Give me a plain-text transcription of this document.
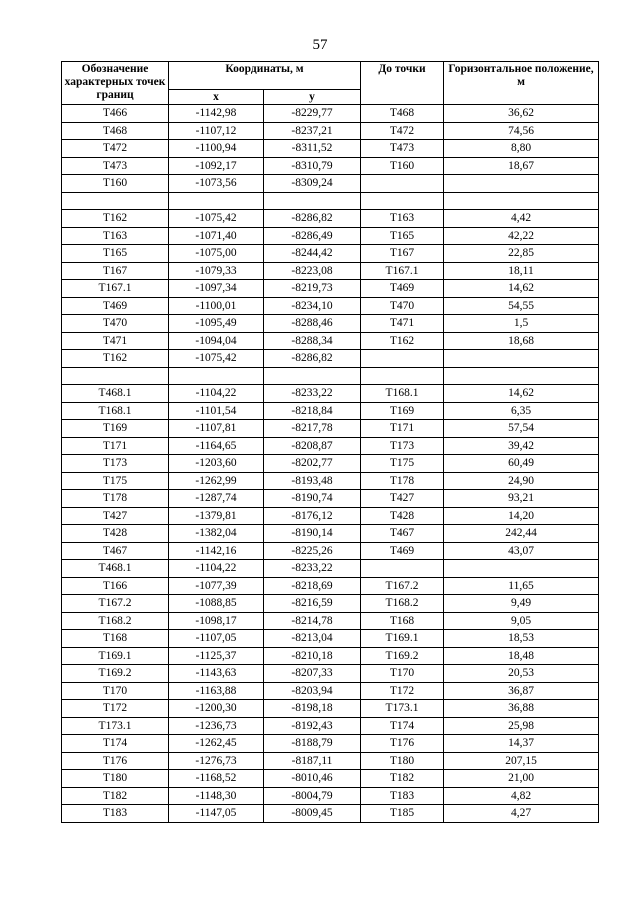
57
Обозначение характерных точек границ	Координаты, м		До точки	Горизонтальное положение, м
	x	y		
Т466	-1142,98	-8229,77	Т468	36,62
Т468	-1107,12	-8237,21	Т472	74,56
Т472	-1100,94	-8311,52	Т473	8,80
Т473	-1092,17	-8310,79	Т160	18,67
Т160	-1073,56	-8309,24		

Т162	-1075,42	-8286,82	Т163	4,42
Т163	-1071,40	-8286,49	Т165	42,22
Т165	-1075,00	-8244,42	Т167	22,85
Т167	-1079,33	-8223,08	Т167.1	18,11
Т167.1	-1097,34	-8219,73	Т469	14,62
Т469	-1100,01	-8234,10	Т470	54,55
Т470	-1095,49	-8288,46	Т471	1,5
Т471	-1094,04	-8288,34	Т162	18,68
Т162	-1075,42	-8286,82		

Т468.1	-1104,22	-8233,22	Т168.1	14,62
Т168.1	-1101,54	-8218,84	Т169	6,35
Т169	-1107,81	-8217,78	Т171	57,54
Т171	-1164,65	-8208,87	Т173	39,42
Т173	-1203,60	-8202,77	Т175	60,49
Т175	-1262,99	-8193,48	Т178	24,90
Т178	-1287,74	-8190,74	Т427	93,21
Т427	-1379,81	-8176,12	Т428	14,20
Т428	-1382,04	-8190,14	Т467	242,44
Т467	-1142,16	-8225,26	Т469	43,07
Т468.1	-1104,22	-8233,22		
Т166	-1077,39	-8218,69	Т167.2	11,65
Т167.2	-1088,85	-8216,59	Т168.2	9,49
Т168.2	-1098,17	-8214,78	Т168	9,05
Т168	-1107,05	-8213,04	Т169.1	18,53
Т169.1	-1125,37	-8210,18	Т169.2	18,48
Т169.2	-1143,63	-8207,33	Т170	20,53
Т170	-1163,88	-8203,94	Т172	36,87
Т172	-1200,30	-8198,18	Т173.1	36,88
Т173.1	-1236,73	-8192,43	Т174	25,98
Т174	-1262,45	-8188,79	Т176	14,37
Т176	-1276,73	-8187,11	Т180	207,15
Т180	-1168,52	-8010,46	Т182	21,00
Т182	-1148,30	-8004,79	Т183	4,82
Т183	-1147,05	-8009,45	Т185	4,27
